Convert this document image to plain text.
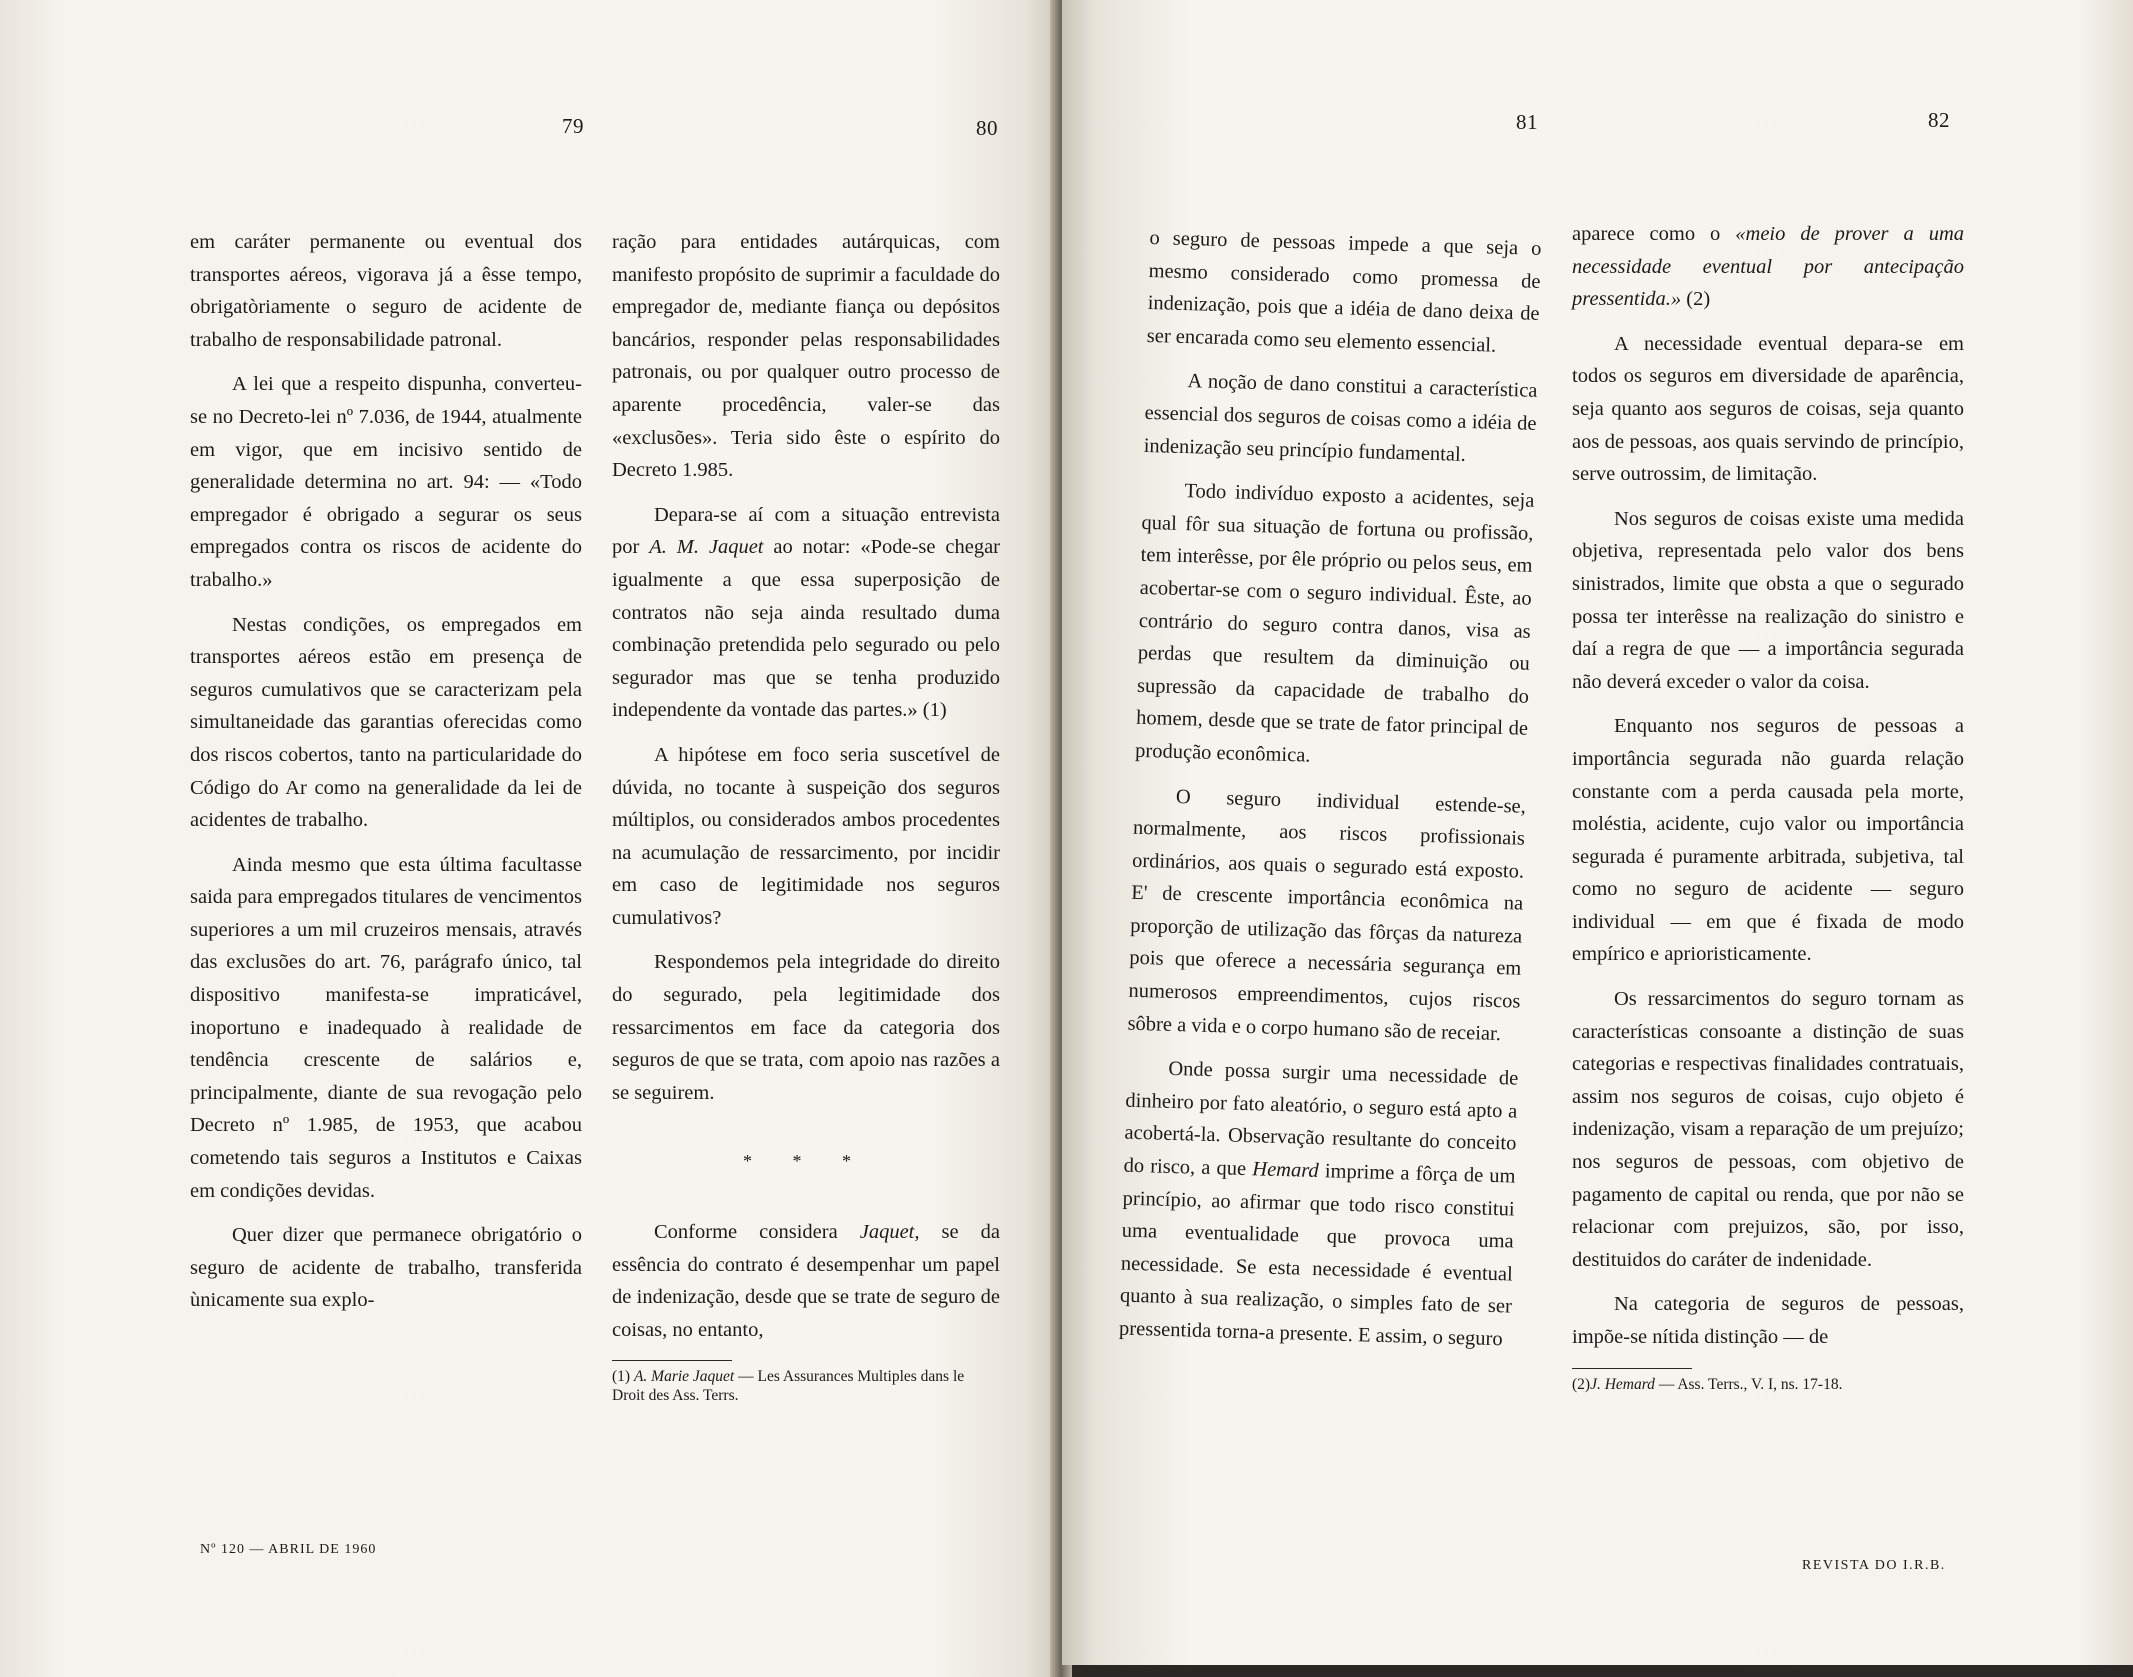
79	80

em caráter permanente ou eventual dos transportes aéreos, vigorava já a êsse tempo, obrigatòriamente o seguro de acidente de trabalho de responsabilidade patronal.

A lei que a respeito dispunha, converteu-se no Decreto-lei nº 7.036, de 1944, atualmente em vigor, que em incisivo sentido de generalidade determina no art. 94: — «Todo empregador é obrigado a segurar os seus empregados contra os riscos de acidente do trabalho.»

Nestas condições, os empregados em transportes aéreos estão em presença de seguros cumulativos que se caracterizam pela simultaneidade das garantias oferecidas como dos riscos cobertos, tanto na particularidade do Código do Ar como na generalidade da lei de acidentes de trabalho.

Ainda mesmo que esta última facultasse saida para empregados titulares de vencimentos superiores a um mil cruzeiros mensais, através das exclusões do art. 76, parágrafo único, tal dispositivo manifesta-se impraticável, inoportuno e inadequado à realidade de tendência crescente de salários e, principalmente, diante de sua revogação pelo Decreto nº 1.985, de 1953, que acabou cometendo tais seguros a Institutos e Caixas em condições devidas.

Quer dizer que permanece obrigatório o seguro de acidente de trabalho, transferida ùnicamente sua explo-

ração para entidades autárquicas, com manifesto propósito de suprimir a faculdade do empregador de, mediante fiança ou depósitos bancários, responder pelas responsabilidades patronais, ou por qualquer outro processo de aparente procedência, valer-se das «exclusões». Teria sido êste o espírito do Decreto 1.985.

Depara-se aí com a situação entrevista por A. M. Jaquet ao notar: «Pode-se chegar igualmente a que essa superposição de contratos não seja ainda resultado duma combinação pretendida pelo segurado ou pelo segurador mas que se tenha produzido independente da vontade das partes.» (1)

A hipótese em foco seria suscetível de dúvida, no tocante à suspeição dos seguros múltiplos, ou considerados ambos procedentes na acumulação de ressarcimento, por incidir em caso de legitimidade nos seguros cumulativos?

Respondemos pela integridade do direito do segurado, pela legitimidade dos ressarcimentos em face da categoria dos seguros de que se trata, com apoio nas razões a se seguirem.

* * *

Conforme considera Jaquet, se da essência do contrato é desempenhar um papel de indenização, desde que se trate de seguro de coisas, no entanto,

(1) A. Marie Jaquet — Les Assurances Multiples dans le Droit des Ass. Terrs.
Nº 120 — ABRIL DE 1960
81	82

o seguro de pessoas impede a que seja o mesmo considerado como promessa de indenização, pois que a idéia de dano deixa de ser encarada como seu elemento essencial.

A noção de dano constitui a característica essencial dos seguros de coisas como a idéia de indenização seu princípio fundamental.

Todo indivíduo exposto a acidentes, seja qual fôr sua situação de fortuna ou profissão, tem interêsse, por êle próprio ou pelos seus, em acobertar-se com o seguro individual. Êste, ao contrário do seguro contra danos, visa as perdas que resultem da diminuição ou supressão da capacidade de trabalho do homem, desde que se trate de fator principal de produção econômica.

O seguro individual estende-se, normalmente, aos riscos profissionais ordinários, aos quais o segurado está exposto. E' de crescente importância econômica na proporção de utilização das fôrças da natureza pois que oferece a necessária segurança em numerosos empreendimentos, cujos riscos sôbre a vida e o corpo humano são de receiar.

Onde possa surgir uma necessidade de dinheiro por fato aleatório, o seguro está apto a acobertá-la. Observação resultante do conceito do risco, a que Hemard imprime a fôrça de um princípio, ao afirmar que todo risco constitui uma eventualidade que provoca uma necessidade. Se esta necessidade é eventual quanto à sua realização, o simples fato de ser pressentida torna-a presente. E assim, o seguro

aparece como o «meio de prover a uma necessidade eventual por antecipação pressentida.» (2)

A necessidade eventual depara-se em todos os seguros em diversidade de aparência, seja quanto aos seguros de coisas, seja quanto aos de pessoas, aos quais servindo de princípio, serve outrossim, de limitação.

Nos seguros de coisas existe uma medida objetiva, representada pelo valor dos bens sinistrados, limite que obsta a que o segurado possa ter interêsse na realização do sinistro e daí a regra de que — a importância segurada não deverá exceder o valor da coisa.

Enquanto nos seguros de pessoas a importância segurada não guarda relação constante com a perda causada pela morte, moléstia, acidente, cujo valor ou importância segurada é puramente arbitrada, subjetiva, tal como no seguro de acidente — seguro individual — em que é fixada de modo empírico e aprioristicamente.

Os ressarcimentos do seguro tornam as características consoante a distinção de suas categorias e respectivas finalidades contratuais, assim nos seguros de coisas, cujo objeto é indenização, visam a reparação de um prejuízo; nos seguros de pessoas, com objetivo de pagamento de capital ou renda, que por não se relacionar com prejuizos, são, por isso, destituidos do caráter de indenidade.

Na categoria de seguros de pessoas, impõe-se nítida distinção — de

(2)J. Hemard — Ass. Terrs., V. I, ns. 17-18.
REVISTA DO I.R.B.
